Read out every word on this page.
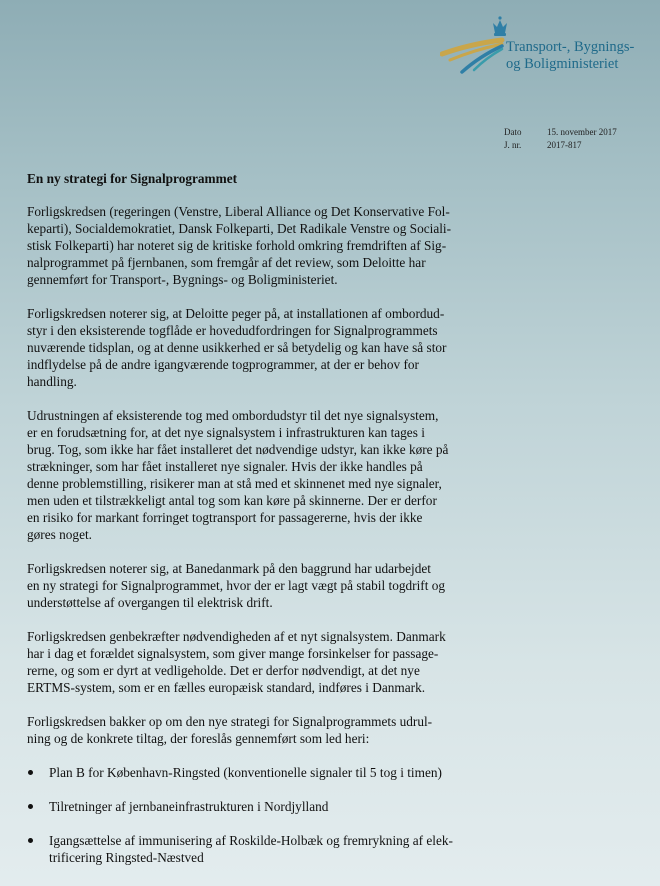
Transport-, Bygnings-
og Boligministeriet
Dato	15. november 2017
J. nr.	2017-817
En ny strategi for Signalprogrammet

Forligskredsen (regeringen (Venstre, Liberal Alliance og Det Konservative Fol-
keparti), Socialdemokratiet, Dansk Folkeparti, Det Radikale Venstre og Sociali-
stisk Folkeparti) har noteret sig de kritiske forhold omkring fremdriften af Sig-
nalprogrammet på fjernbanen, som fremgår af det review, som Deloitte har
gennemført for Transport-, Bygnings- og Boligministeriet.

Forligskredsen noterer sig, at Deloitte peger på, at installationen af ombordud-
styr i den eksisterende togflåde er hovedudfordringen for Signalprogrammets
nuværende tidsplan, og at denne usikkerhed er så betydelig og kan have så stor
indflydelse på de andre igangværende togprogrammer, at der er behov for
handling.

Udrustningen af eksisterende tog med ombordudstyr til det nye signalsystem,
er en forudsætning for, at det nye signalsystem i infrastrukturen kan tages i
brug. Tog, som ikke har fået installeret det nødvendige udstyr, kan ikke køre på
strækninger, som har fået installeret nye signaler. Hvis der ikke handles på
denne problemstilling, risikerer man at stå med et skinnenet med nye signaler,
men uden et tilstrækkeligt antal tog som kan køre på skinnerne. Der er derfor
en risiko for markant forringet togtransport for passagererne, hvis der ikke
gøres noget.

Forligskredsen noterer sig, at Banedanmark på den baggrund har udarbejdet
en ny strategi for Signalprogrammet, hvor der er lagt vægt på stabil togdrift og
understøttelse af overgangen til elektrisk drift.

Forligskredsen genbekræfter nødvendigheden af et nyt signalsystem. Danmark
har i dag et forældet signalsystem, som giver mange forsinkelser for passage-
rerne, og som er dyrt at vedligeholde. Det er derfor nødvendigt, at det nye
ERTMS-system, som er en fælles europæisk standard, indføres i Danmark.

Forligskredsen bakker op om den nye strategi for Signalprogrammets udrul-
ning og de konkrete tiltag, der foreslås gennemført som led heri:

Plan B for København-Ringsted (konventionelle signaler til 5 tog i timen)
Tilretninger af jernbaneinfrastrukturen i Nordjylland
Igangsættelse af immunisering af Roskilde-Holbæk og fremrykning af elek-
trificering Ringsted-Næstved
